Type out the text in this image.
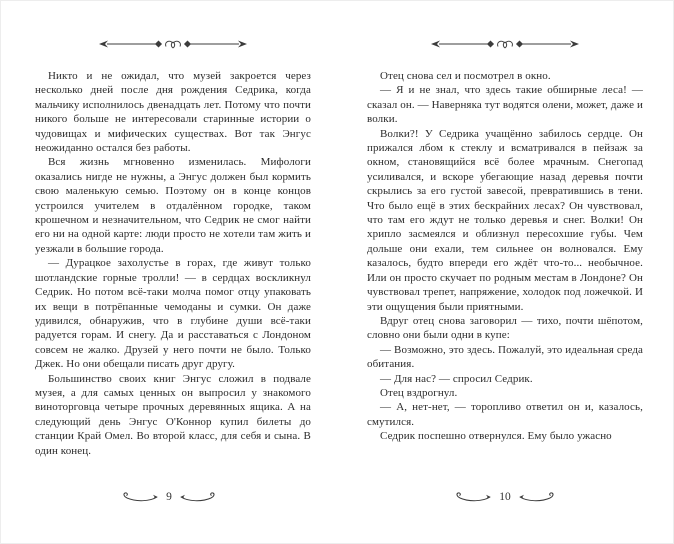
Никто и не ожидал, что музей закроется через несколько дней после дня рождения Седрика, когда мальчику исполнилось двенадцать лет. Потому что почти никого больше не интересовали старинные истории о чудовищах и мифических существах. Вот так Энгус неожиданно остался без работы.

Вся жизнь мгновенно изменилась. Мифологи оказались нигде не нужны, а Энгус должен был кормить свою маленькую семью. Поэтому он в конце концов устроился учителем в отдалённом городке, таком крошечном и незначительном, что Седрик не смог найти его ни на одной карте: люди просто не хотели там жить и уезжали в большие города.

— Дурацкое захолустье в горах, где живут только шотландские горные тролли! — в сердцах воскликнул Седрик. Но потом всё-таки молча помог отцу упаковать их вещи в потрёпанные чемоданы и сумки. Он даже удивился, обнаружив, что в глубине души всё-таки радуется горам. И снегу. Да и расставаться с Лондоном совсем не жалко. Друзей у него почти не было. Только Джек. Но они обещали писать друг другу.

Большинство своих книг Энгус сложил в подвале музея, а для самых ценных он выпросил у знакомого виноторговца четыре прочных деревянных ящика. А на следующий день Энгус О'Коннор купил билеты до станции Край Омел. Во второй класс, для себя и сына. В один конец.

9

Отец снова сел и посмотрел в окно.

— Я и не знал, что здесь такие обширные леса! — сказал он. — Наверняка тут водятся олени, может, даже и волки.

Волки?! У Седрика учащённо забилось сердце. Он прижался лбом к стеклу и всматривался в пейзаж за окном, становящийся всё более мрачным. Снегопад усиливался, и вскоре убегающие назад деревья почти скрылись за его густой завесой, превратившись в тени. Что было ещё в этих бескрайних лесах? Он чувствовал, что там его ждут не только деревья и снег. Волки! Он хрипло засмеялся и облизнул пересохшие губы. Чем дольше они ехали, тем сильнее он волновался. Ему казалось, будто впереди его ждёт что-то... необычное. Или он просто скучает по родным местам в Лондоне? Он чувствовал трепет, напряжение, холодок под ложечкой. И эти ощущения были приятными.

Вдруг отец снова заговорил — тихо, почти шёпотом, словно они были одни в купе:

— Возможно, это здесь. Пожалуй, это идеальная среда обитания.

— Для нас? — спросил Седрик.

Отец вздрогнул.

— А, нет-нет, — торопливо ответил он и, казалось, смутился.

Седрик поспешно отвернулся. Ему было ужасно

10
